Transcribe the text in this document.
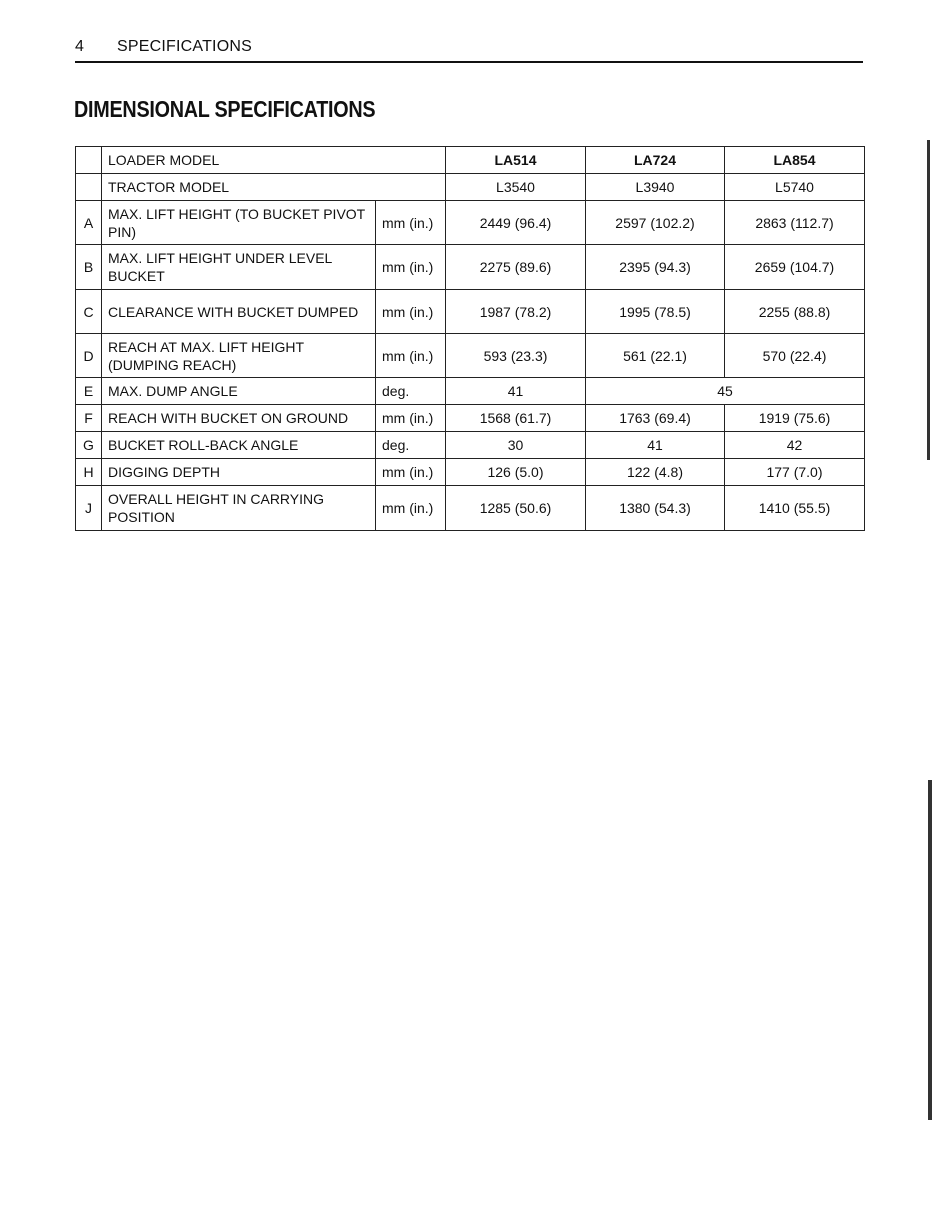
4 SPECIFICATIONS
DIMENSIONAL SPECIFICATIONS
	LOADER MODEL		LA514	LA724	LA854
	TRACTOR MODEL		L3540	L3940	L5740
A	MAX. LIFT HEIGHT (TO BUCKET PIVOT PIN)	mm (in.)	2449 (96.4)	2597 (102.2)	2863 (112.7)
B	MAX. LIFT HEIGHT UNDER LEVEL BUCKET	mm (in.)	2275 (89.6)	2395 (94.3)	2659 (104.7)
C	CLEARANCE WITH BUCKET DUMPED	mm (in.)	1987 (78.2)	1995 (78.5)	2255 (88.8)
D	REACH AT MAX. LIFT HEIGHT (DUMPING REACH)	mm (in.)	593 (23.3)	561 (22.1)	570 (22.4)
E	MAX. DUMP ANGLE	deg.	41	45	
F	REACH WITH BUCKET ON GROUND	mm (in.)	1568 (61.7)	1763 (69.4)	1919 (75.6)
G	BUCKET ROLL-BACK ANGLE	deg.	30	41	42
H	DIGGING DEPTH	mm (in.)	126 (5.0)	122 (4.8)	177 (7.0)
J	OVERALL HEIGHT IN CARRYING POSITION	mm (in.)	1285 (50.6)	1380 (54.3)	1410 (55.5)
